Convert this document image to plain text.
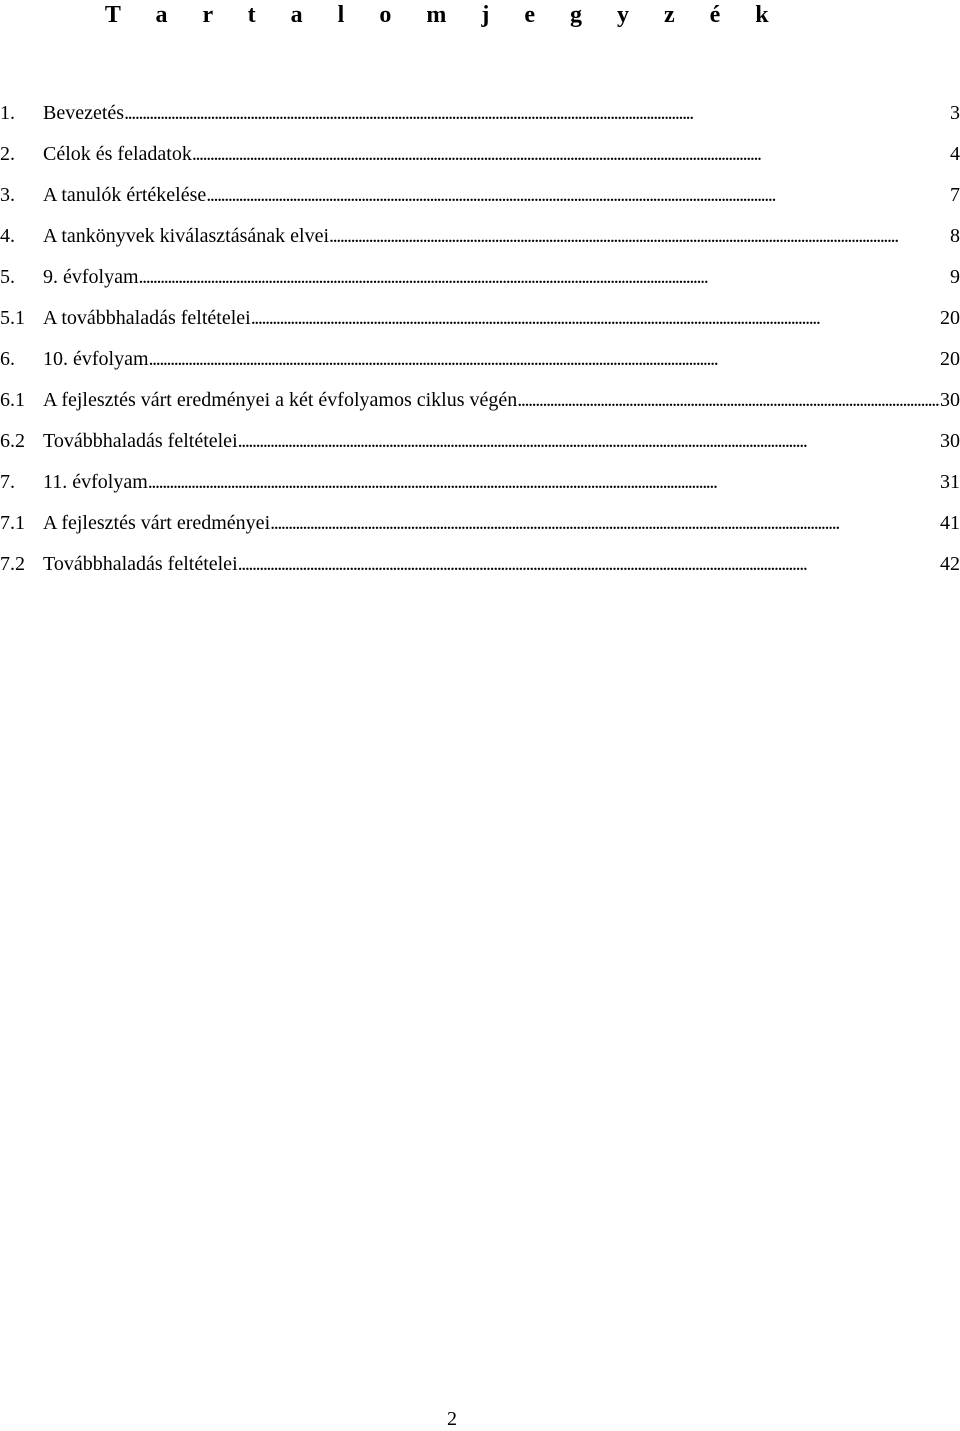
T a r t a l o m j e g y z é k
1.	Bevezetés . . .	3
2.	Célok és feladatok . . .	4
3.	A tanulók értékelése . . .	7
4.	A tankönyvek kiválasztásának elvei . . .	8
5.	9. évfolyam . . .	9
5.1 A továbbhaladás feltételei . . .	20
6.	10. évfolyam . . .	20
6.1 A fejlesztés várt eredményei a két évfolyamos ciklus végén . . .	30
6.2 Továbbhaladás feltételei . . .	30
7.	11. évfolyam . . .	31
7.1 A fejlesztés várt eredményei . . .	41
7.2 Továbbhaladás feltételei . . .	42
2
